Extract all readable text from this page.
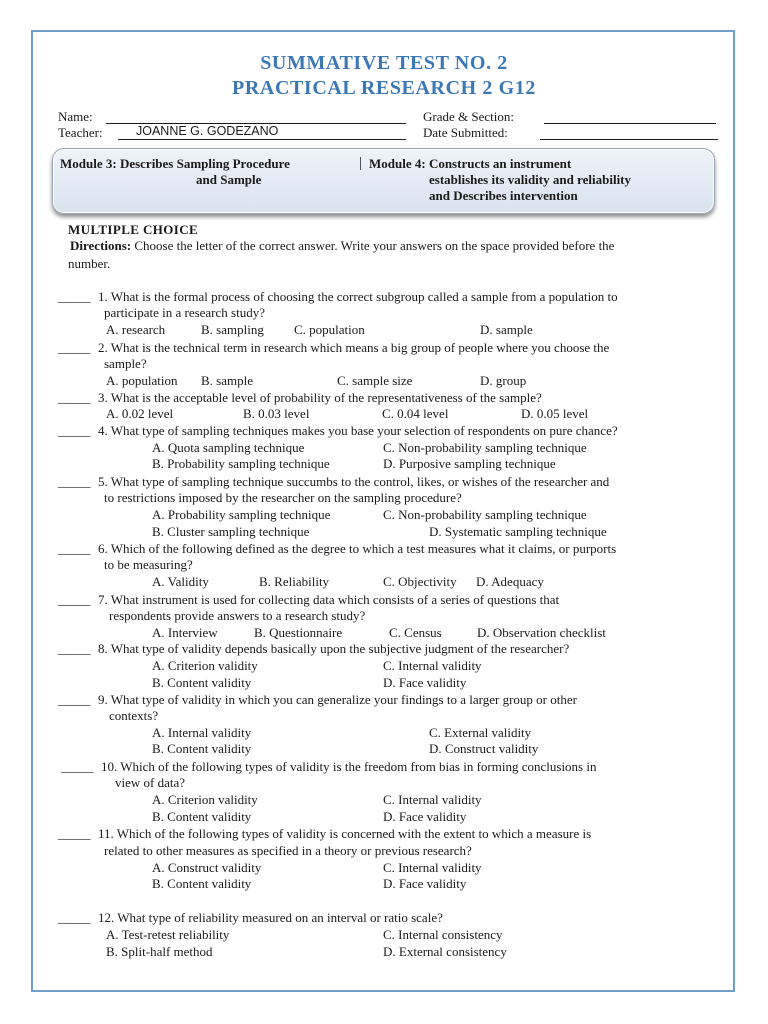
SUMMATIVE TEST NO. 2
PRACTICAL RESEARCH 2 G12
Name:	Grade & Section:
Teacher:	JOANNE G. GODEZANO	Date Submitted:
Module 3: Describes Sampling Procedure
and Sample
| Module 4: Constructs an instrument
establishes its validity and reliability
and Describes intervention
MULTIPLE CHOICE
Directions: Choose the letter of the correct answer. Write your answers on the space provided before the
number.
_____ 1. What is the formal process of choosing the correct subgroup called a sample from a population to
participate in a research study?
A. research	B. sampling C. population	D. sample
_____ 2. What is the technical term in research which means a big group of people where you choose the
sample?
A. population B. sample	C. sample size	D. group
_____ 3. What is the acceptable level of probability of the representativeness of the sample?
A. 0.02 level	B. 0.03 level	C. 0.04 level	D. 0.05 level
_____ 4. What type of sampling techniques makes you base your selection of respondents on pure chance?
A. Quota sampling technique	C. Non-probability sampling technique
B. Probability sampling technique	D. Purposive sampling technique
_____ 5. What type of sampling technique succumbs to the control, likes, or wishes of the researcher and
to restrictions imposed by the researcher on the sampling procedure?
A. Probability sampling technique	C. Non-probability sampling technique
B. Cluster sampling technique	D. Systematic sampling technique
_____ 6. Which of the following defined as the degree to which a test measures what it claims, or purports
to be measuring?
A. Validity	B. Reliability	C. Objectivity D. Adequacy
_____ 7. What instrument is used for collecting data which consists of a series of questions that
respondents provide answers to a research study?
A. Interview	B. Questionnaire	C. Census	D. Observation checklist
_____ 8. What type of validity depends basically upon the subjective judgment of the researcher?
A. Criterion validity	C. Internal validity
B. Content validity	D. Face validity
_____ 9. What type of validity in which you can generalize your findings to a larger group or other
contexts?
A. Internal validity	C. External validity
B. Content validity	D. Construct validity
_____ 10. Which of the following types of validity is the freedom from bias in forming conclusions in
view of data?
A. Criterion validity	C. Internal validity
B. Content validity	D. Face validity
_____ 11. Which of the following types of validity is concerned with the extent to which a measure is
related to other measures as specified in a theory or previous research?
A. Construct validity	C. Internal validity
B. Content validity	D. Face validity
_____ 12. What type of reliability measured on an interval or ratio scale?
A. Test-retest reliability	C. Internal consistency
B. Split-half method	D. External consistency
